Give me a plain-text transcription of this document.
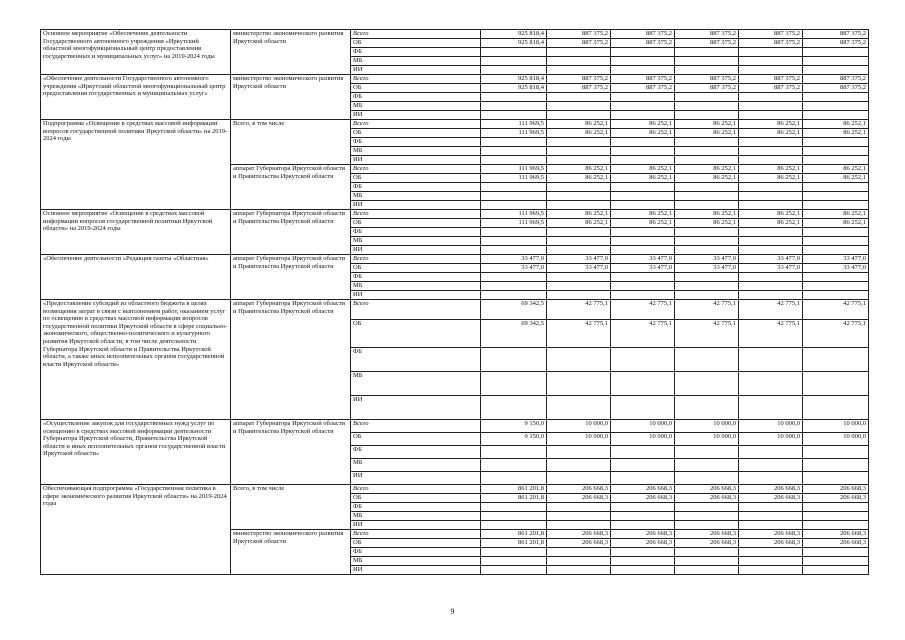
Основное мероприятие «Обеспечение деятельности Государственного автономного учреждения «Иркутский областной многофункциональный центр предоставления государственных и муниципальных услуг» на 2019-2024 годы	министерство экономического развития Иркутской области	Всего	925 818,4	887 375,2	887 375,2	887 375,2	887 375,2	887 375,2
		ОБ	925 818,4	887 375,2	887 375,2	887 375,2	887 375,2	887 375,2
		ФБ						
		МБ						
		ИИ						
«Обеспечение деятельности Государственного автономного учреждения «Иркутский областной многофункциональный центр предоставления государственных и муниципальных услуг»	министерство экономического развития Иркутской области	Всего	925 818,4	887 375,2	887 375,2	887 375,2	887 375,2	887 375,2
		ОБ	925 818,4	887 375,2	887 375,2	887 375,2	887 375,2	887 375,2
		ФБ						
		МБ						
		ИИ						
Подпрограмма «Освещение в средствах массовой информации вопросов государственной политики Иркутской области» на 2019-2024 годы	Всего, в том числе	Всего	111 969,5	86 252,1	86 252,1	86 252,1	86 252,1	86 252,1
		ОБ	111 969,5	86 252,1	86 252,1	86 252,1	86 252,1	86 252,1
		ФБ						
		МБ						
		ИИ						
	аппарат Губернатора Иркутской области и Правительства Иркутской области	Всего	111 969,5	86 252,1	86 252,1	86 252,1	86 252,1	86 252,1
		ОБ	111 969,5	86 252,1	86 252,1	86 252,1	86 252,1	86 252,1
		ФБ						
		МБ						
		ИИ						
Основное мероприятие «Освещение в средствах массовой информации вопросов государственной политики Иркутской области» на 2019-2024 годы	аппарат Губернатора Иркутской области и Правительства Иркутской области	Всего	111 969,5	86 252,1	86 252,1	86 252,1	86 252,1	86 252,1
		ОБ	111 969,5	86 252,1	86 252,1	86 252,1	86 252,1	86 252,1
		ФБ						
		МБ						
		ИИ						
«Обеспечение деятельности «Редакция газеты «Областная»	аппарат Губернатора Иркутской области и Правительства Иркутской области	Всего	33 477,0	33 477,0	33 477,0	33 477,0	33 477,0	33 477,0
		ОБ	33 477,0	33 477,0	33 477,0	33 477,0	33 477,0	33 477,0
		ФБ						
		МБ						
		ИИ						
«Предоставление субсидий из областного бюджета в целях возмещения затрат в связи с выполнением работ, оказанием услуг по освещению в средствах массовой информации вопросов государственной политики Иркутской области в сфере социально-экономического, общественно-политического и культурного развития Иркутской области, в том числе деятельности Губернатора Иркутской области и Правительства Иркутской области, а также иных исполнительных органов государственной власти Иркутской области»	аппарат Губернатора Иркутской области и Правительства Иркутской области	Всего	69 342,5	42 775,1	42 775,1	42 775,1	42 775,1	42 775,1
		ОБ	69 342,5	42 775,1	42 775,1	42 775,1	42 775,1	42 775,1
		ФБ						
		МБ						
		ИИ						
«Осуществление закупок для государственных нужд услуг по освещению в средствах массовой информации деятельности Губернатора Иркутской области, Правительства Иркутской области и иных исполнительных органов государственной власти Иркутской области»	аппарат Губернатора Иркутской области и Правительства Иркутской области	Всего	9 150,0	10 000,0	10 000,0	10 000,0	10 000,0	10 000,0
		ОБ	9 150,0	10 000,0	10 000,0	10 000,0	10 000,0	10 000,0
		ФБ						
		МБ						
		ИИ						
Обеспечивающая подпрограмма «Государственная политика в сфере экономического развития Иркутской области» на 2019-2024 годы	Всего, в том числе	Всего	861 201,8	206 668,3	206 668,3	206 668,3	206 668,3	206 668,3
		ОБ	861 201,8	206 668,3	206 668,3	206 668,3	206 668,3	206 668,3
		ФБ						
		МБ						
		ИИ						
	министерство экономического развития Иркутской области	Всего	861 201,8	206 668,3	206 668,3	206 668,3	206 668,3	206 668,3
		ОБ	861 201,8	206 668,3	206 668,3	206 668,3	206 668,3	206 668,3
		ФБ						
		МБ						
		ИИ						
9
